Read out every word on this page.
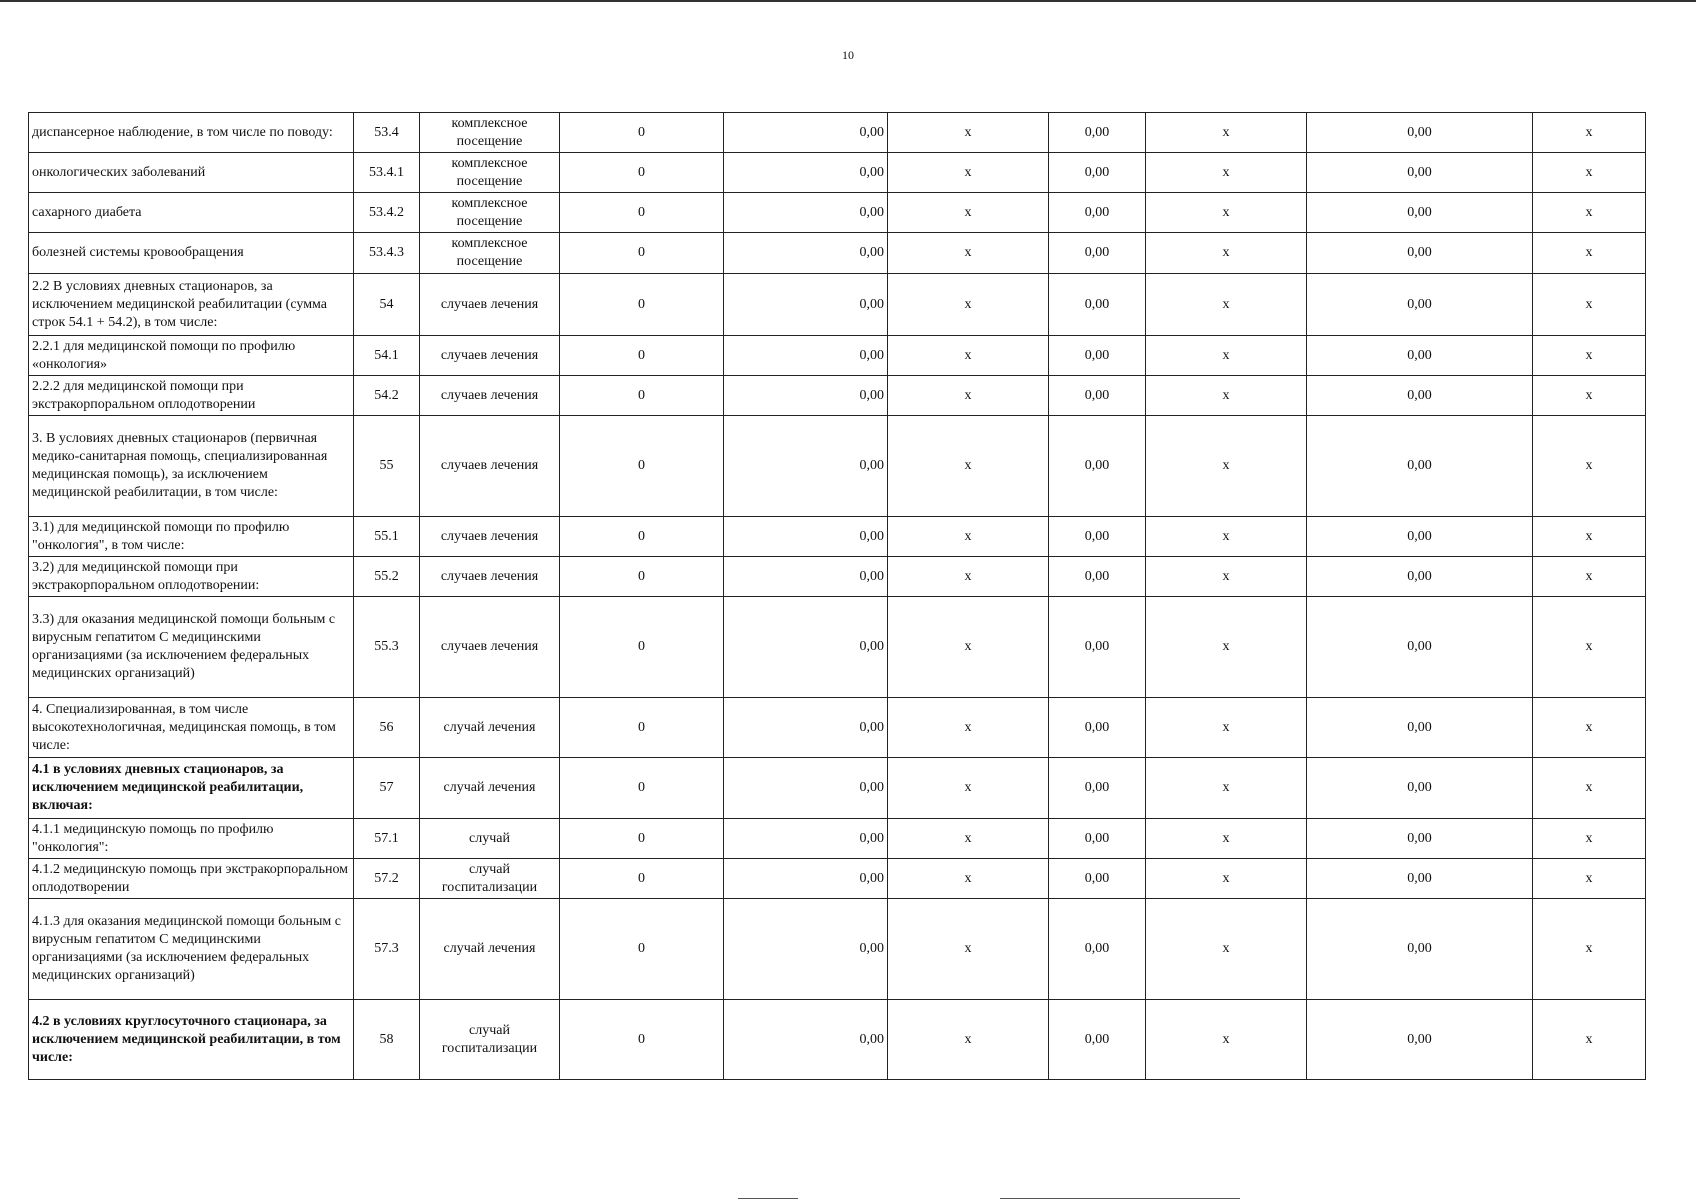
10
диспансерное наблюдение, в том числе по поводу:	53.4	комплексное посещение	0	0,00	x	0,00	x	0,00	x
онкологических заболеваний	53.4.1	комплексное посещение	0	0,00	x	0,00	x	0,00	x
сахарного диабета	53.4.2	комплексное посещение	0	0,00	x	0,00	x	0,00	x
болезней системы кровообращения	53.4.3	комплексное посещение	0	0,00	x	0,00	x	0,00	x
2.2 В условиях дневных стационаров, за исключением медицинской реабилитации (сумма строк 54.1 + 54.2), в том числе:	54	случаев лечения	0	0,00	x	0,00	x	0,00	x
2.2.1 для медицинской помощи по профилю «онкология»	54.1	случаев лечения	0	0,00	x	0,00	x	0,00	x
2.2.2 для медицинской помощи при экстракорпоральном оплодотворении	54.2	случаев лечения	0	0,00	x	0,00	x	0,00	x
3. В условиях дневных стационаров (первичная медико-санитарная помощь, специализированная медицинская помощь), за исключением медицинской реабилитации, в том числе:	55	случаев лечения	0	0,00	x	0,00	x	0,00	x
3.1) для медицинской помощи по профилю "онкология", в том числе:	55.1	случаев лечения	0	0,00	x	0,00	x	0,00	x
3.2) для медицинской помощи при экстракорпоральном оплодотворении:	55.2	случаев лечения	0	0,00	x	0,00	x	0,00	x
3.3) для оказания медицинской помощи больным с вирусным гепатитом С медицинскими организациями (за исключением федеральных медицинских организаций)	55.3	случаев лечения	0	0,00	x	0,00	x	0,00	x
4. Специализированная, в том числе высокотехнологичная, медицинская помощь, в том числе:	56	случай лечения	0	0,00	x	0,00	x	0,00	x
4.1 в условиях дневных стационаров, за исключением медицинской реабилитации, включая:	57	случай лечения	0	0,00	x	0,00	x	0,00	x
4.1.1 медицинскую помощь по профилю "онкология":	57.1	случай	0	0,00	x	0,00	x	0,00	x
4.1.2 медицинскую помощь при экстракорпоральном оплодотворении	57.2	случай госпитализации	0	0,00	x	0,00	x	0,00	x
4.1.3 для оказания медицинской помощи больным с вирусным гепатитом С медицинскими организациями (за исключением федеральных медицинских организаций)	57.3	случай лечения	0	0,00	x	0,00	x	0,00	x
4.2 в условиях круглосуточного стационара, за исключением медицинской реабилитации, в том числе:	58	случай госпитализации	0	0,00	x	0,00	x	0,00	x
